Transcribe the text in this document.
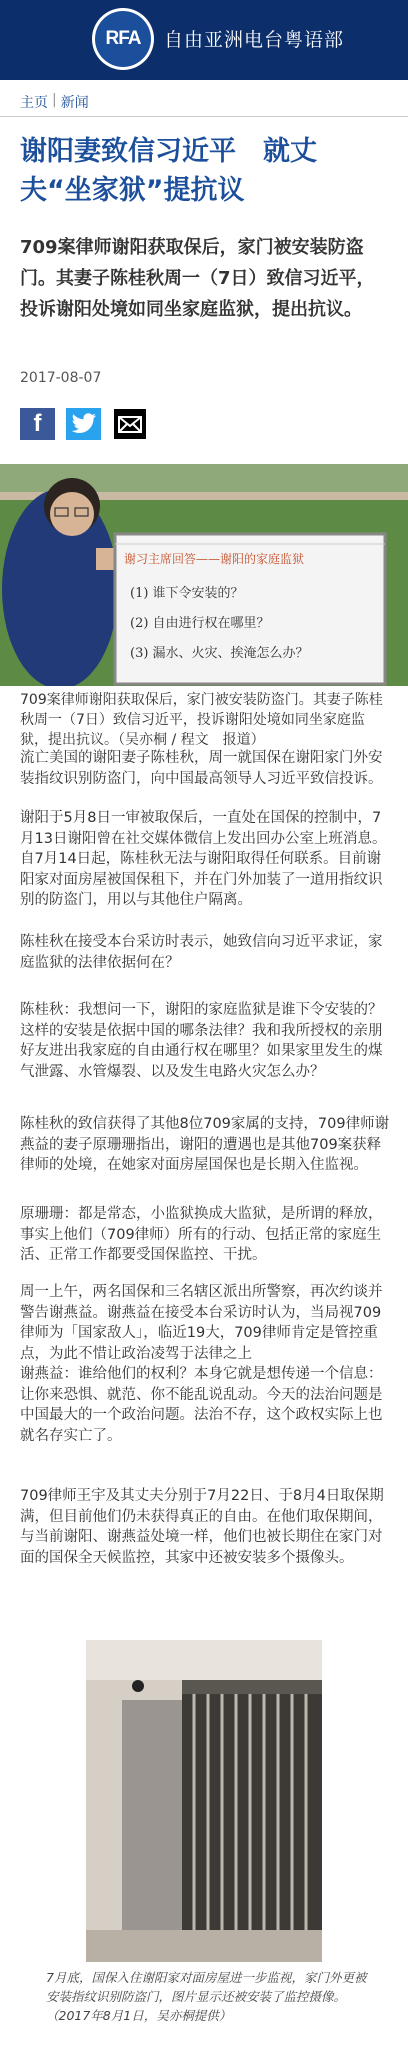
RFA	自由亚洲电台粤语部
主页 | 新闻
谢阳妻致信习近平　就丈夫“坐家狱”提抗议

709案律师谢阳获取保后，家门被安装防盗门。其妻子陈桂秋周一（7日）致信习近平，投诉谢阳处境如同坐家庭监狱，提出抗议。

2017-08-07
f
谢习主席回答——谢阳的家庭监狱
(1) 谁下令安装的？
(2) 自由进行权在哪里？
(3) 漏水、火灾、挨淹怎么办？

709案律师谢阳获取保后，家门被安装防盗门。其妻子陈桂秋周一（7日）致信习近平，投诉谢阳处境如同坐家庭监狱，提出抗议。（吴亦桐 / 程文　报道）

流亡美国的谢阳妻子陈桂秋，周一就国保在谢阳家门外安装指纹识别防盗门，向中国最高领导人习近平致信投诉。

谢阳于5月8日一审被取保后，一直处在国保的控制中，7月13日谢阳曾在社交媒体微信上发出回办公室上班消息。自7月14日起，陈桂秋无法与谢阳取得任何联系。目前谢阳家对面房屋被国保租下，并在门外加装了一道用指纹识别的防盗门，用以与其他住户隔离。

陈桂秋在接受本台采访时表示，她致信向习近平求证，家庭监狱的法律依据何在？

陈桂秋：我想问一下，谢阳的家庭监狱是谁下令安装的？这样的安装是依据中国的哪条法律？我和我所授权的亲朋好友进出我家庭的自由通行权在哪里？如果家里发生的煤气泄露、水管爆裂、以及发生电路火灾怎么办？

陈桂秋的致信获得了其他8位709家属的支持，709律师谢燕益的妻子原珊珊指出，谢阳的遭遇也是其他709案获释律师的处境，在她家对面房屋国保也是长期入住监视。

原珊珊：都是常态，小监狱换成大监狱，是所谓的释放，事实上他们（709律师）所有的行动、包括正常的家庭生活、正常工作都要受国保监控、干扰。

周一上午，两名国保和三名辖区派出所警察，再次约谈并警告谢燕益。谢燕益在接受本台采访时认为，当局视709律师为「国家敌人」，临近19大，709律师肯定是管控重点，为此不惜让政治凌驾于法律之上

谢燕益：谁给他们的权利？本身它就是想传递一个信息：让你来恐惧、就范、你不能乱说乱动。今天的法治问题是中国最大的一个政治问题。法治不存，这个政权实际上也就名存实亡了。

709律师王宇及其丈夫分别于7月22日、于8月4日取保期满，但目前他们仍未获得真正的自由。在他们取保期间，与当前谢阳、谢燕益处境一样，他们也被长期住在家门对面的国保全天候监控，其家中还被安装多个摄像头。

7月底，国保入住谢阳家对面房屋进一步监视，家门外更被安装指纹识别防盗门，图片显示还被安装了监控摄像。（2017年8月1日，吴亦桐提供）
